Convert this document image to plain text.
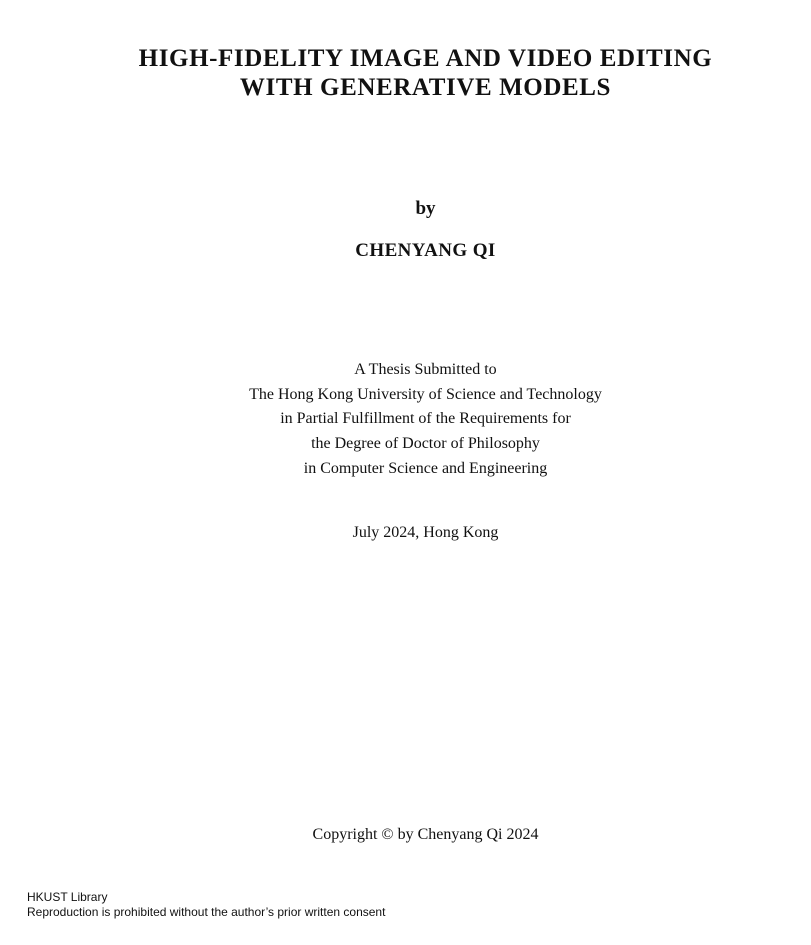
HIGH-FIDELITY IMAGE AND VIDEO EDITING
WITH GENERATIVE MODELS
by
CHENYANG QI
A Thesis Submitted to
The Hong Kong University of Science and Technology
in Partial Fulfillment of the Requirements for
the Degree of Doctor of Philosophy
in Computer Science and Engineering
July 2024, Hong Kong
Copyright © by Chenyang Qi 2024
HKUST Library
Reproduction is prohibited without the author’s prior written consent
